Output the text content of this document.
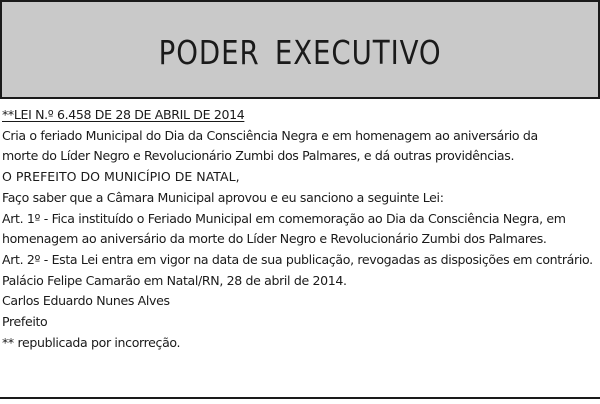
PODER EXECUTIVO
**LEI N.º 6.458 DE 28 DE ABRIL DE 2014
Cria o feriado Municipal do Dia da Consciência Negra e em homenagem ao aniversário da
morte do Líder Negro e Revolucionário Zumbi dos Palmares, e dá outras providências.
O PREFEITO DO MUNICÍPIO DE NATAL,
Faço saber que a Câmara Municipal aprovou e eu sanciono a seguinte Lei:
Art. 1º - Fica instituído o Feriado Municipal em comemoração ao Dia da Consciência Negra, em
homenagem ao aniversário da morte do Líder Negro e Revolucionário Zumbi dos Palmares.
Art. 2º - Esta Lei entra em vigor na data de sua publicação, revogadas as disposições em contrário.
Palácio Felipe Camarão em Natal/RN, 28 de abril de 2014.
Carlos Eduardo Nunes Alves
Prefeito
** republicada por incorreção.
